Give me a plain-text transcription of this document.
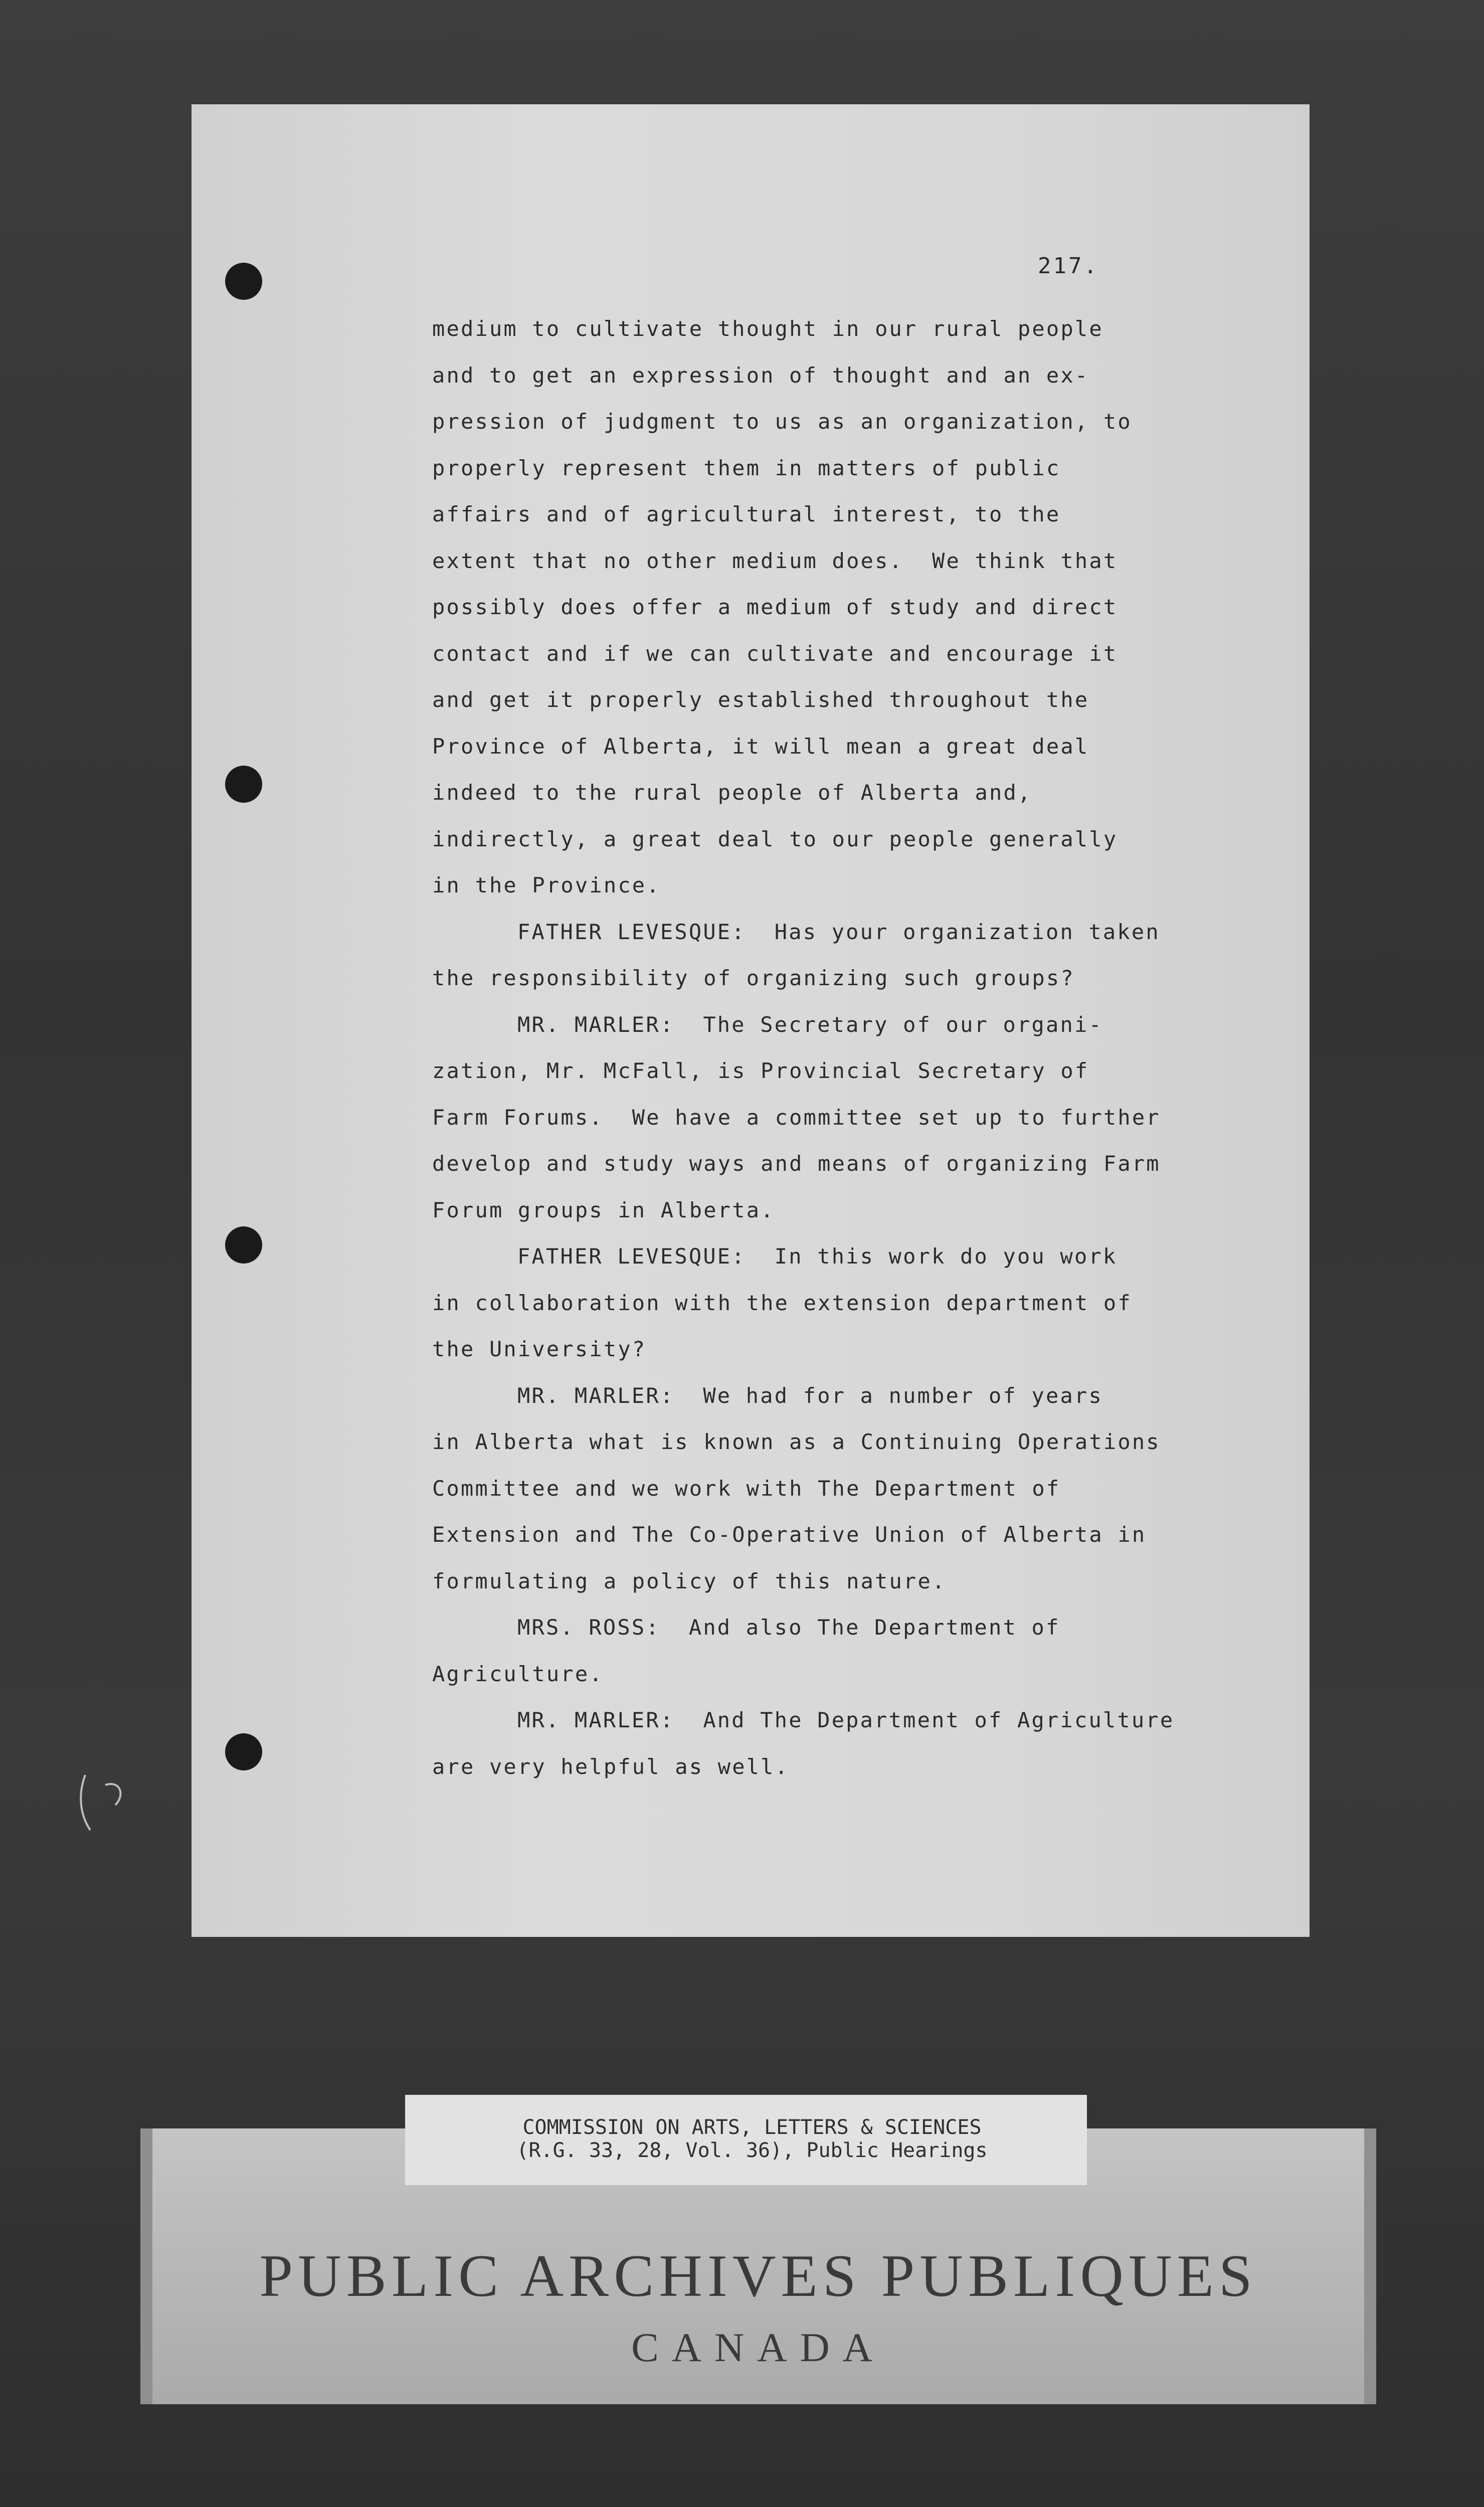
217.
medium to cultivate thought in our rural people
and to get an expression of thought and an ex-
pression of judgment to us as an organization, to
properly represent them in matters of public
affairs and of agricultural interest, to the
extent that no other medium does.  We think that
possibly does offer a medium of study and direct
contact and if we can cultivate and encourage it
and get it properly established throughout the
Province of Alberta, it will mean a great deal
indeed to the rural people of Alberta and,
indirectly, a great deal to our people generally
in the Province.
FATHER LEVESQUE:  Has your organization taken
the responsibility of organizing such groups?
MR. MARLER:  The Secretary of our organi-
zation, Mr. McFall, is Provincial Secretary of
Farm Forums.  We have a committee set up to further
develop and study ways and means of organizing Farm
Forum groups in Alberta.
FATHER LEVESQUE:  In this work do you work
in collaboration with the extension department of
the University?
MR. MARLER:  We had for a number of years
in Alberta what is known as a Continuing Operations
Committee and we work with The Department of
Extension and The Co-Operative Union of Alberta in
formulating a policy of this nature.
MRS. ROSS:  And also The Department of
Agriculture.
MR. MARLER:  And The Department of Agriculture
are very helpful as well.
COMMISSION ON ARTS, LETTERS & SCIENCES
(R.G. 33, 28, Vol. 36), Public Hearings
PUBLIC ARCHIVES PUBLIQUES
CANADA
